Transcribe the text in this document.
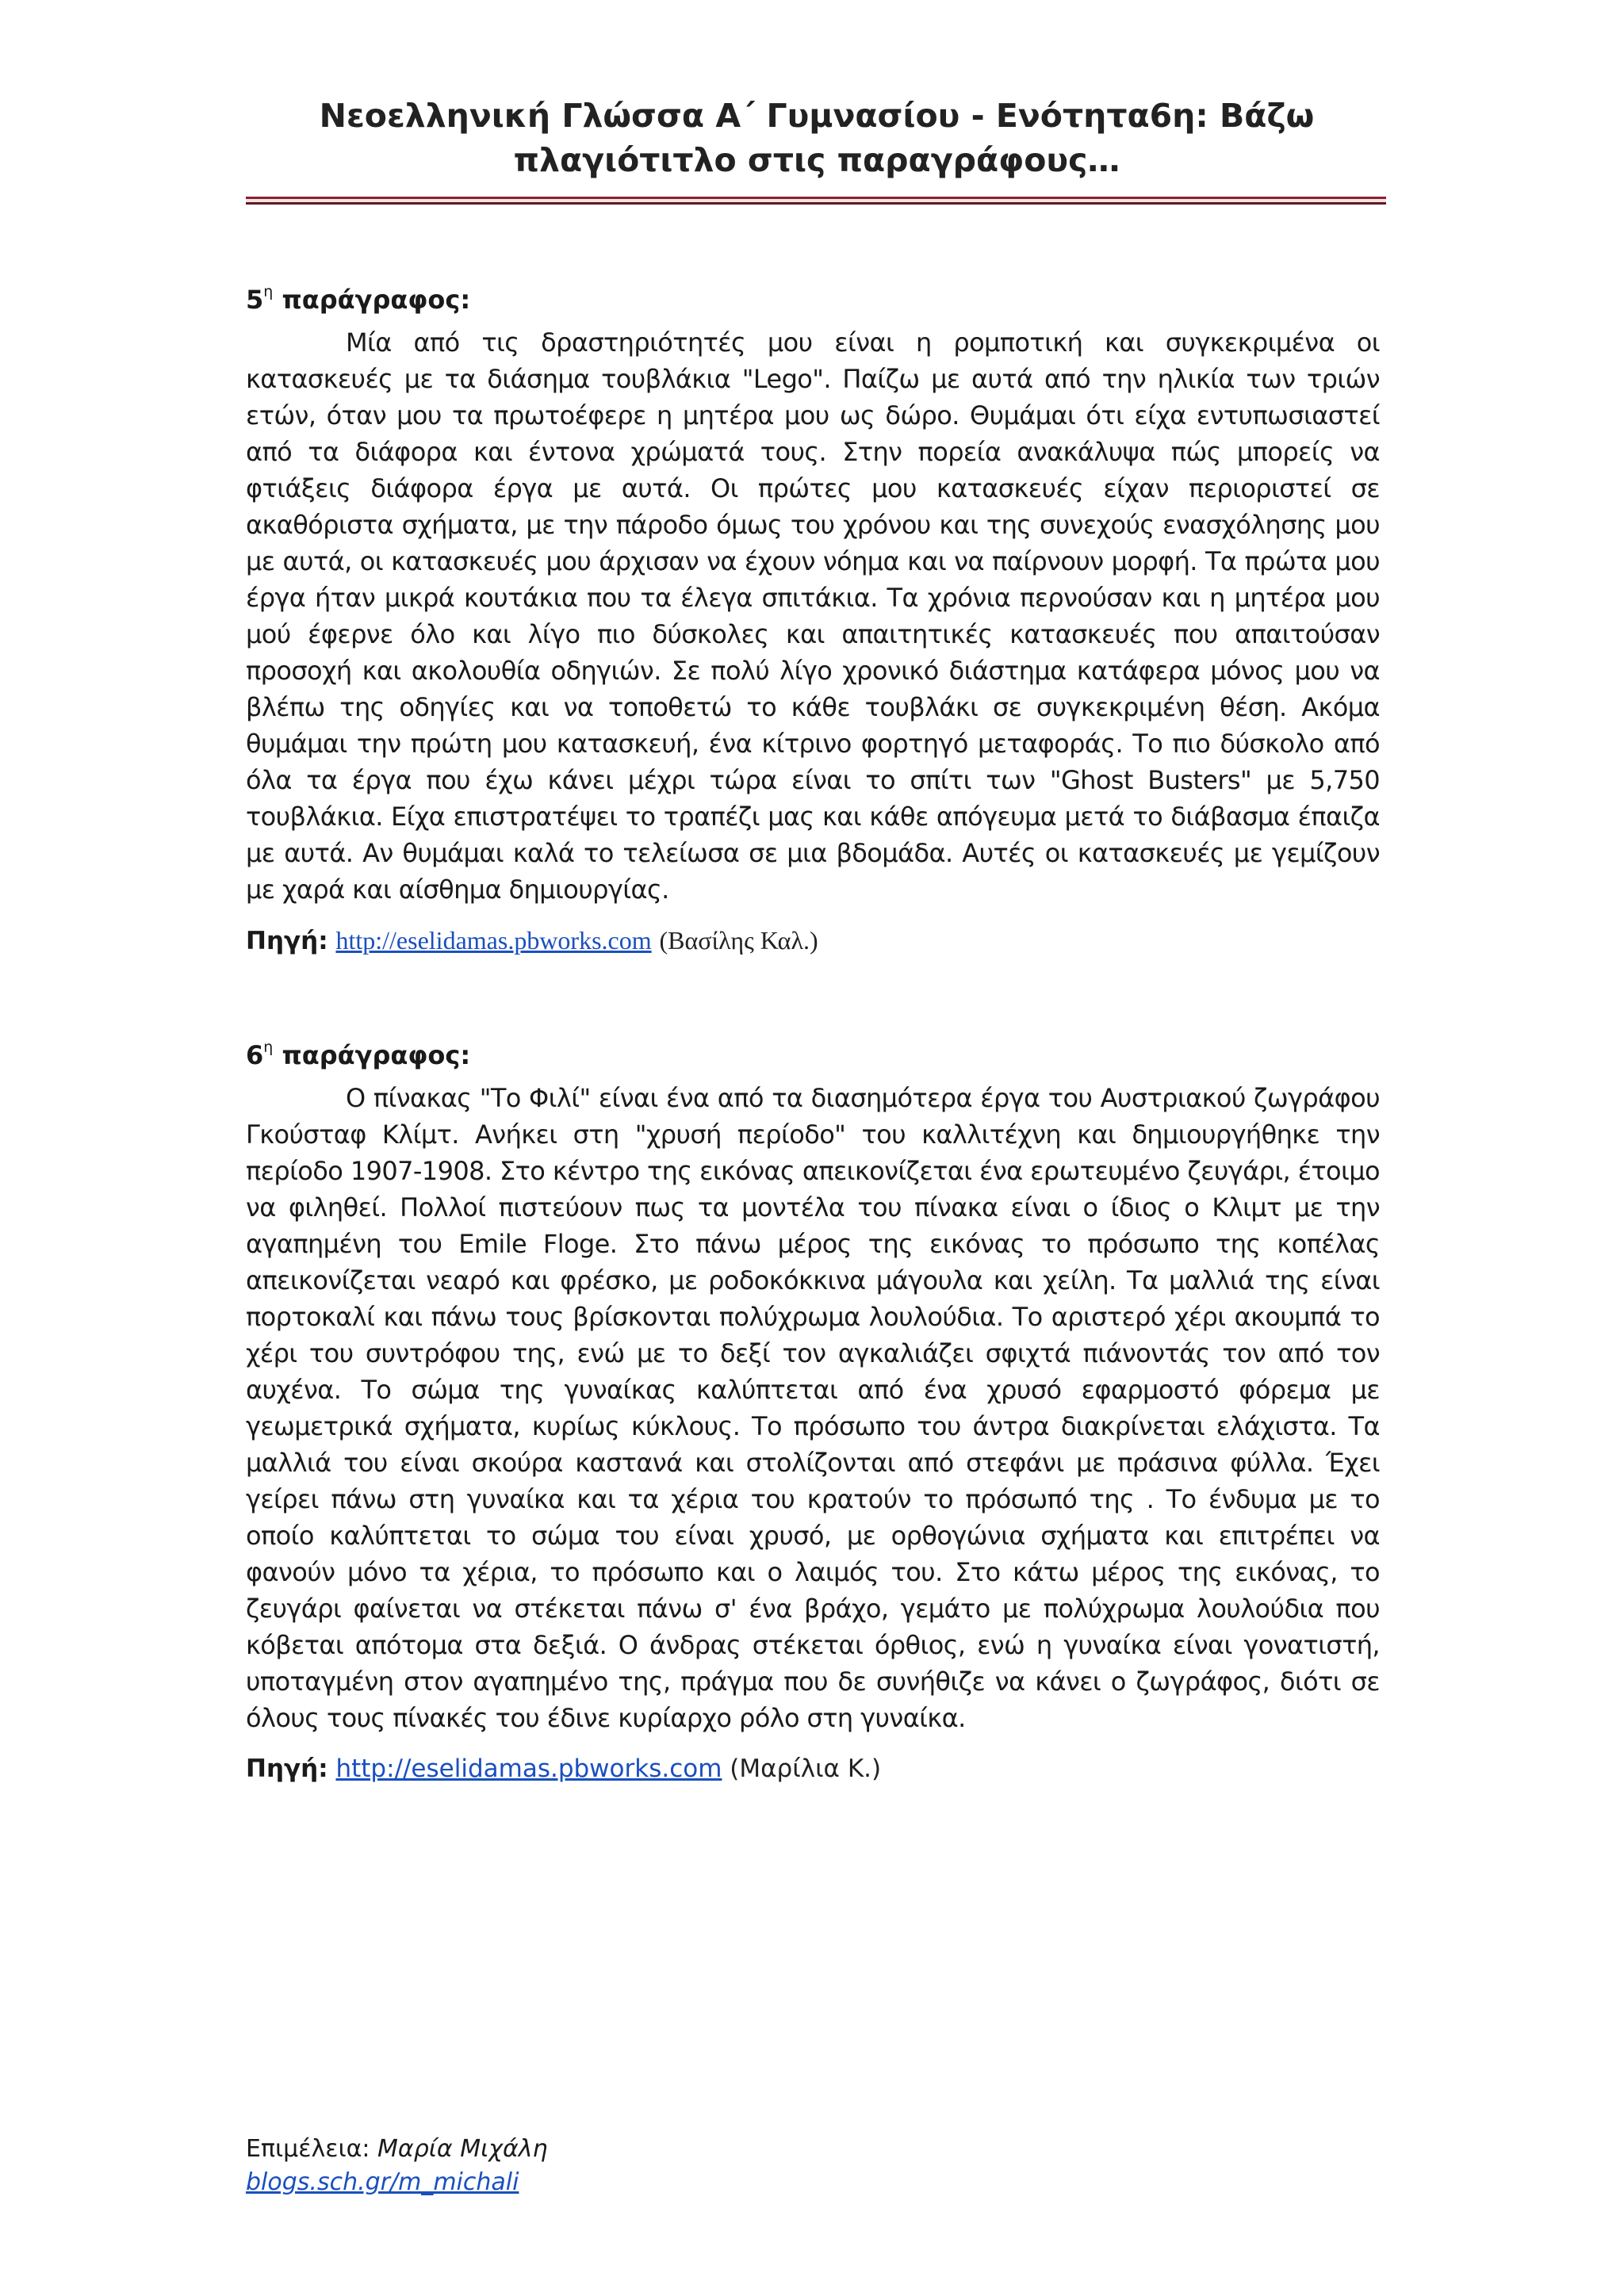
Νεοελληνική Γλώσσα Α΄ Γυμνασίου - Ενότητα6η: Βάζω
πλαγιότιτλο στις παραγράφους…
$5^\eta$ παράγραφος:

Μία από τις δραστηριότητές μου είναι η ρομποτική και συγκεκριμένα οι κατασκευές με τα διάσημα τουβλάκια "Lego". Παίζω με αυτά από την ηλικία των τριών ετών, όταν μου τα πρωτοέφερε η μητέρα μου ως δώρο. Θυμάμαι ότι είχα εντυπωσιαστεί από τα διάφορα και έντονα χρώματά τους. Στην πορεία ανακάλυψα πώς μπορείς να φτιάξεις διάφορα έργα με αυτά. Οι πρώτες μου κατασκευές είχαν περιοριστεί σε ακαθόριστα σχήματα, με την πάροδο όμως του χρόνου και της συνεχούς ενασχόλησης μου με αυτά, οι κατασκευές μου άρχισαν να έχουν νόημα και να παίρνουν μορφή. Τα πρώτα μου έργα ήταν μικρά κουτάκια που τα έλεγα σπιτάκια. Τα χρόνια περνούσαν και η μητέρα μου μού έφερνε όλο και λίγο πιο δύσκολες και απαιτητικές κατασκευές που απαιτούσαν προσοχή και ακολουθία οδηγιών. Σε πολύ λίγο χρονικό διάστημα κατάφερα μόνος μου να βλέπω της οδηγίες και να τοποθετώ το κάθε τουβλάκι σε συγκεκριμένη θέση. Ακόμα θυμάμαι την πρώτη μου κατασκευή, ένα κίτρινο φορτηγό μεταφοράς. Το πιο δύσκολο από όλα τα έργα που έχω κάνει μέχρι τώρα είναι το σπίτι των "Ghost Busters" με 5,750 τουβλάκια. Είχα επιστρατέψει το τραπέζι μας και κάθε απόγευμα μετά το διάβασμα έπαιζα με αυτά. Αν θυμάμαι καλά το τελείωσα σε μια βδομάδα. Αυτές οι κατασκευές με γεμίζουν με χαρά και αίσθημα δημιουργίας.

Πηγή: http://eselidamas.pbworks.com (Βασίλης Καλ.)
$6^\eta$ παράγραφος:

Ο πίνακας "Το Φιλί" είναι ένα από τα διασημότερα έργα του Αυστριακού ζωγράφου Γκούσταφ Κλίμτ. Ανήκει στη "χρυσή περίοδο" του καλλιτέχνη και δημιουργήθηκε την περίοδο 1907-1908. Στο κέντρο της εικόνας απεικονίζεται ένα ερωτευμένο ζευγάρι, έτοιμο να φιληθεί. Πολλοί πιστεύουν πως τα μοντέλα του πίνακα είναι ο ίδιος ο Κλιμτ με την αγαπημένη του Emile Floge. Στο πάνω μέρος της εικόνας το πρόσωπο της κοπέλας απεικονίζεται νεαρό και φρέσκο, με ροδοκόκκινα μάγουλα και χείλη. Τα μαλλιά της είναι πορτοκαλί και πάνω τους βρίσκονται πολύχρωμα λουλούδια. Το αριστερό χέρι ακουμπά το χέρι του συντρόφου της, ενώ με το δεξί τον αγκαλιάζει σφιχτά πιάνοντάς τον από τον αυχένα. Το σώμα της γυναίκας καλύπτεται από ένα χρυσό εφαρμοστό φόρεμα με γεωμετρικά σχήματα, κυρίως κύκλους. Το πρόσωπο του άντρα διακρίνεται ελάχιστα. Τα μαλλιά του είναι σκούρα καστανά και στολίζονται από στεφάνι με πράσινα φύλλα. Έχει γείρει πάνω στη γυναίκα και τα χέρια του κρατούν το πρόσωπό της . Το ένδυμα με το οποίο καλύπτεται το σώμα του είναι χρυσό, με ορθογώνια σχήματα και επιτρέπει να φανούν μόνο τα χέρια, το πρόσωπο και ο λαιμός του. Στο κάτω μέρος της εικόνας, το ζευγάρι φαίνεται να στέκεται πάνω σ' ένα βράχο, γεμάτο με πολύχρωμα λουλούδια που κόβεται απότομα στα δεξιά. Ο άνδρας στέκεται όρθιος, ενώ η γυναίκα είναι γονατιστή, υποταγμένη στον αγαπημένο της, πράγμα που δε συνήθιζε να κάνει ο ζωγράφος, διότι σε όλους τους πίνακές του έδινε κυρίαρχο ρόλο στη γυναίκα.

Πηγή: http://eselidamas.pbworks.com (Μαρίλια Κ.)
Επιμέλεια: Μαρία Μιχάλη
blogs.sch.gr/m_michali
